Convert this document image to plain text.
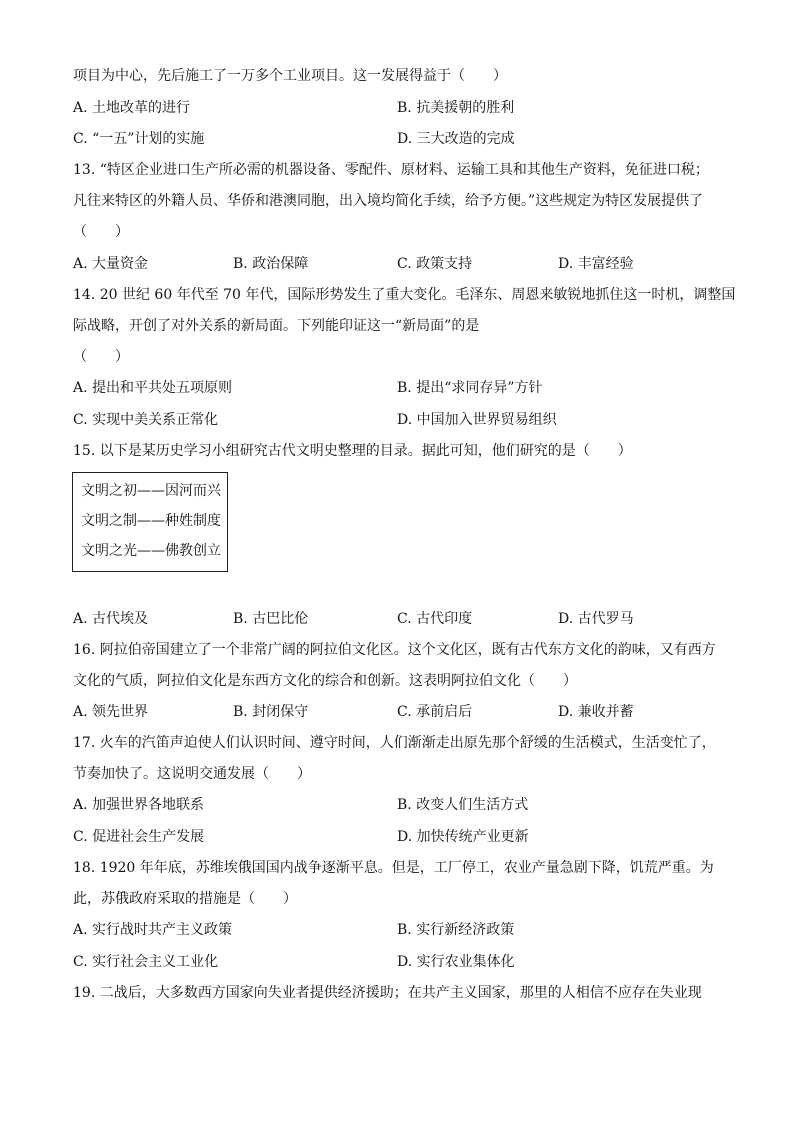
项目为中心，先后施工了一万多个工业项目。这一发展得益于（　　）
A. 土地改革的进行	B. 抗美援朝的胜利
C. “一五”计划的实施	D. 三大改造的完成
13. “特区企业进口生产所必需的机器设备、零配件、原材料、运输工具和其他生产资料，免征进口税；
凡往来特区的外籍人员、华侨和港澳同胞，出入境均简化手续，给予方便。”这些规定为特区发展提供了
（　　）
A. 大量资金	B. 政治保障	C. 政策支持	D. 丰富经验
14. 20 世纪 60 年代至 70 年代，国际形势发生了重大变化。毛泽东、周恩来敏锐地抓住这一时机，调整国
际战略，开创了对外关系的新局面。下列能印证这一“新局面”的是
（　　）
A. 提出和平共处五项原则	B. 提出“求同存异”方针
C. 实现中美关系正常化	D. 中国加入世界贸易组织
15. 以下是某历史学习小组研究古代文明史整理的目录。据此可知，他们研究的是（　　）
文明之初——因河而兴
文明之制——种姓制度
文明之光——佛教创立
A. 古代埃及	B. 古巴比伦	C. 古代印度	D. 古代罗马
16. 阿拉伯帝国建立了一个非常广阔的阿拉伯文化区。这个文化区，既有古代东方文化的韵味，又有西方
文化的气质，阿拉伯文化是东西方文化的综合和创新。这表明阿拉伯文化（　　）
A. 领先世界	B. 封闭保守	C. 承前启后	D. 兼收并蓄
17. 火车的汽笛声迫使人们认识时间、遵守时间，人们渐渐走出原先那个舒缓的生活模式，生活变忙了，
节奏加快了。这说明交通发展（　　）
A. 加强世界各地联系	B. 改变人们生活方式
C. 促进社会生产发展	D. 加快传统产业更新
18. 1920 年年底，苏维埃俄国国内战争逐渐平息。但是，工厂停工，农业产量急剧下降，饥荒严重。为
此，苏俄政府采取的措施是（　　）
A. 实行战时共产主义政策	B. 实行新经济政策
C. 实行社会主义工业化	D. 实行农业集体化
19. 二战后，大多数西方国家向失业者提供经济援助；在共产主义国家，那里的人相信不应存在失业现
